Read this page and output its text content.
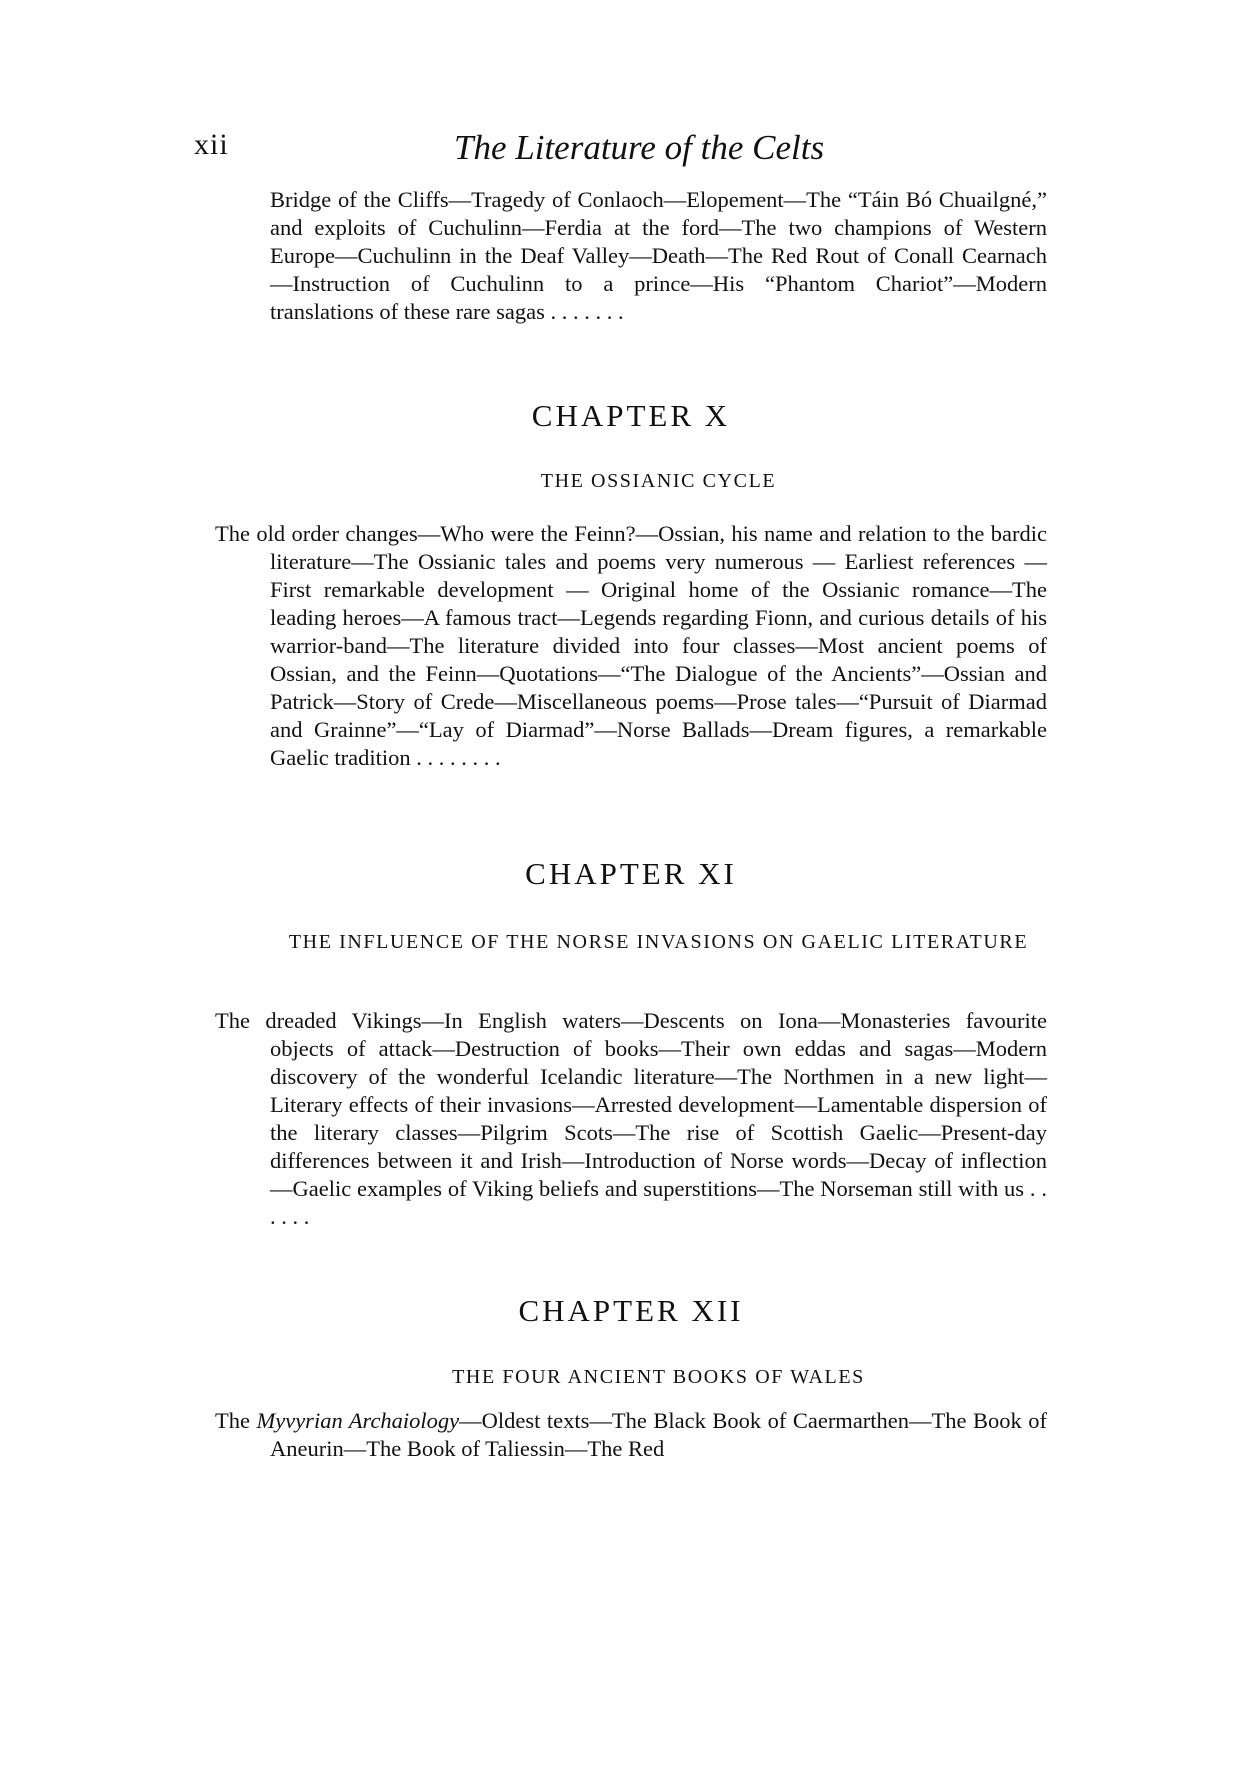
xii	The Literature of the Celts
Bridge of the Cliffs—Tragedy of Conlaoch—Elopement—The “Táin Bó Chuailgné,” and exploits of Cuchulinn—Ferdia at the ford—The two champions of Western Europe—Cuchulinn in the Deaf Valley—Death—The Red Rout of Conall Cearnach—Instruction of Cuchulinn to a prince—His “Phantom Chariot”—Modern translations of these rare sagas . . . . . . .
CHAPTER X
THE OSSIANIC CYCLE
The old order changes—Who were the Feinn?—Ossian, his name and relation to the bardic literature—The Ossianic tales and poems very numerous — Earliest references — First remarkable development — Original home of the Ossianic romance—The leading heroes—A famous tract—Legends regarding Fionn, and curious details of his warrior-band—The literature divided into four classes—Most ancient poems of Ossian, and the Feinn—Quotations—“The Dialogue of the Ancients”—Ossian and Patrick—Story of Crede—Miscellaneous poems—Prose tales—“Pursuit of Diarmad and Grainne”—“Lay of Diarmad”—Norse Ballads—Dream figures, a remarkable Gaelic tradition . . . . . . . .
CHAPTER XI
THE INFLUENCE OF THE NORSE INVASIONS ON GAELIC LITERATURE
The dreaded Vikings—In English waters—Descents on Iona—Monasteries favourite objects of attack—Destruction of books—Their own eddas and sagas—Modern discovery of the wonderful Icelandic literature—The Northmen in a new light—Literary effects of their invasions—Arrested development—Lamentable dispersion of the literary classes—Pilgrim Scots—The rise of Scottish Gaelic—Present-day differences between it and Irish—Introduction of Norse words—Decay of inflection—Gaelic examples of Viking beliefs and superstitions—The Norseman still with us . . . . . .
CHAPTER XII
THE FOUR ANCIENT BOOKS OF WALES
The Myvyrian Archaiology—Oldest texts—The Black Book of Caermarthen—The Book of Aneurin—The Book of Taliessin—The Red
